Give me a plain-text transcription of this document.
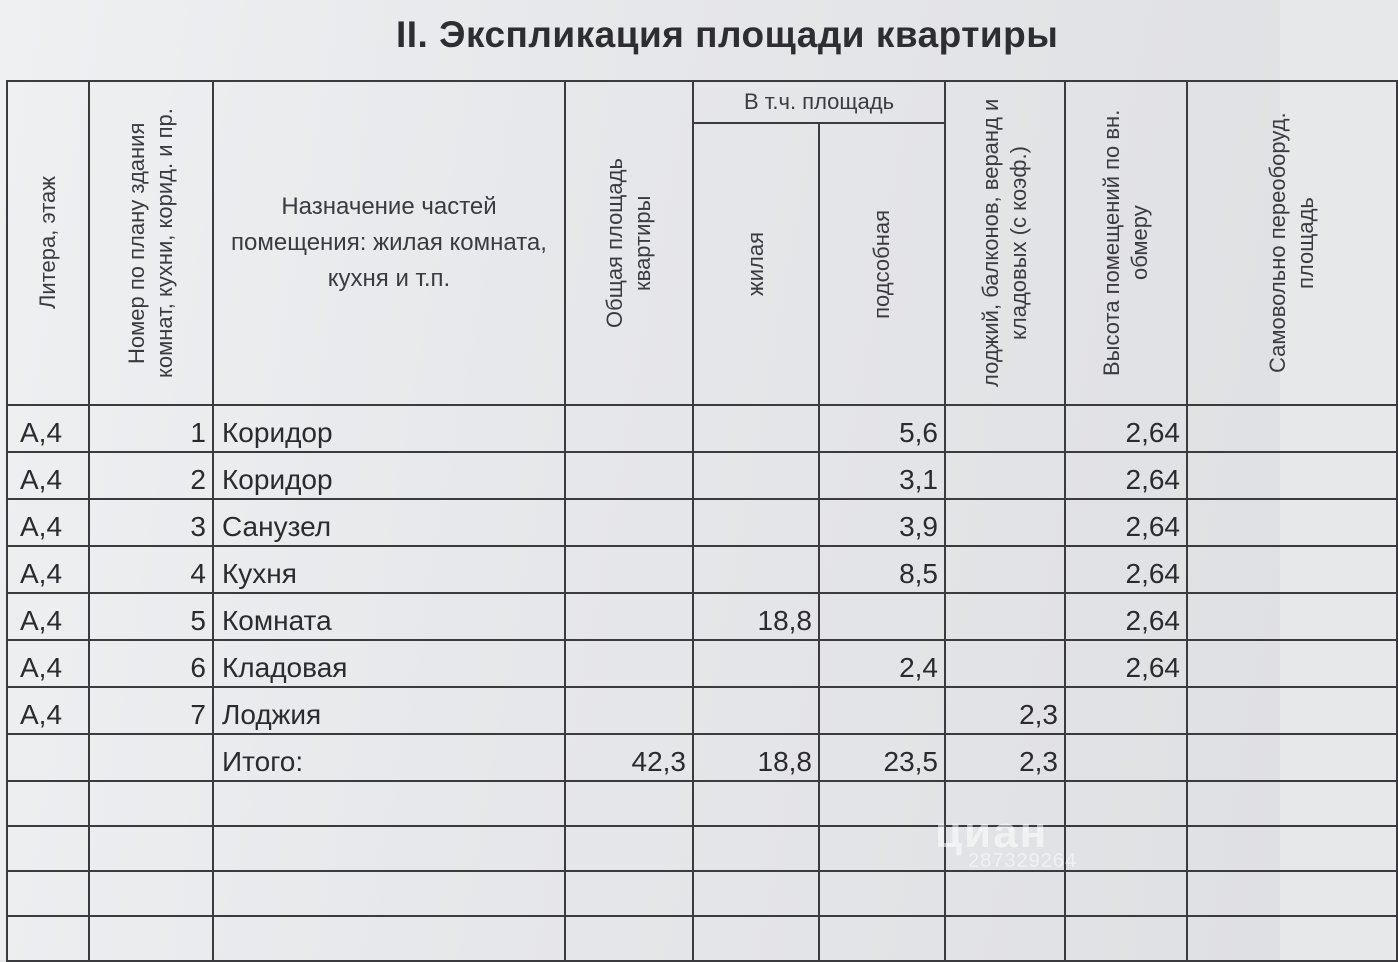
II. Экспликация площади квартиры
Литера, этаж	Номер по плану здания комнат, кухни, корид. и пр.	Назначение частей помещения: жилая комната, кухня и т.п.	Общая площадь квартиры	В т.ч. площадь		лоджий, балконов, веранд и кладовых (с коэф.)	Высота помещений по вн. обмеру	Самовольно переоборуд. площадь

				жилая	подсобная			

А,4	1	Коридор			5,6		2,64	
А,4	2	Коридор			3,1		2,64	
А,4	3	Санузел			3,9		2,64	
А,4	4	Кухня			8,5		2,64	
А,4	5	Комната		18,8			2,64	
А,4	6	Кладовая			2,4		2,64	
А,4	7	Лоджия				2,3		
		Итого:	42,3	18,8	23,5	2,3		

циан
287329264
